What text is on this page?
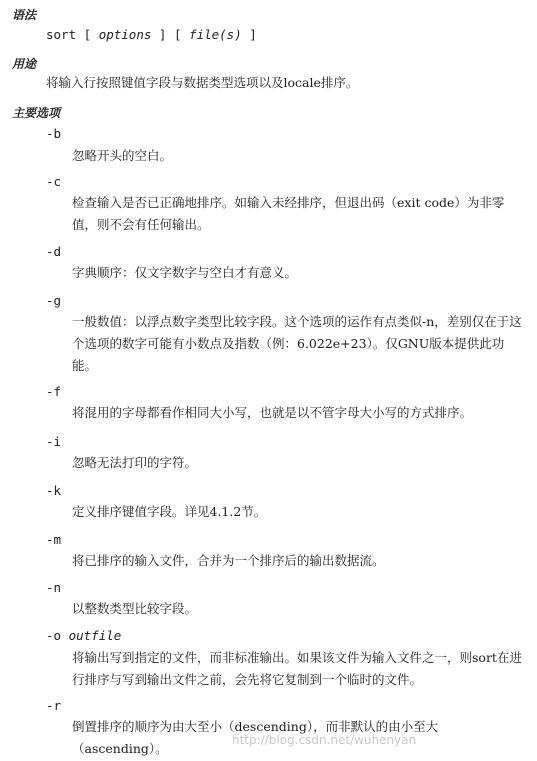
语法
sort [ options ] [ file(s) ]
用途
将输入行按照键值字段与数据类型选项以及locale排序。
主要选项
-b
忽略开头的空白。
-c
检查输入是否已正确地排序。如输入未经排序，但退出码（exit code）为非零值，则不会有任何输出。
-d
字典顺序：仅文字数字与空白才有意义。
-g
一般数值：以浮点数字类型比较字段。这个选项的运作有点类似-n，差别仅在于这个选项的数字可能有小数点及指数（例：6.022e+23）。仅GNU版本提供此功能。
-f
将混用的字母都看作相同大小写，也就是以不管字母大小写的方式排序。
-i
忽略无法打印的字符。
-k
定义排序键值字段。详见4.1.2节。
-m
将已排序的输入文件，合并为一个排序后的输出数据流。
-n
以整数类型比较字段。
-o outfile
将输出写到指定的文件，而非标准输出。如果该文件为输入文件之一，则sort在进行排序与写到输出文件之前，会先将它复制到一个临时的文件。
-r
倒置排序的顺序为由大至小（descending），而非默认的由小至大（ascending）。
http://blog.csdn.net/wuhenyan
